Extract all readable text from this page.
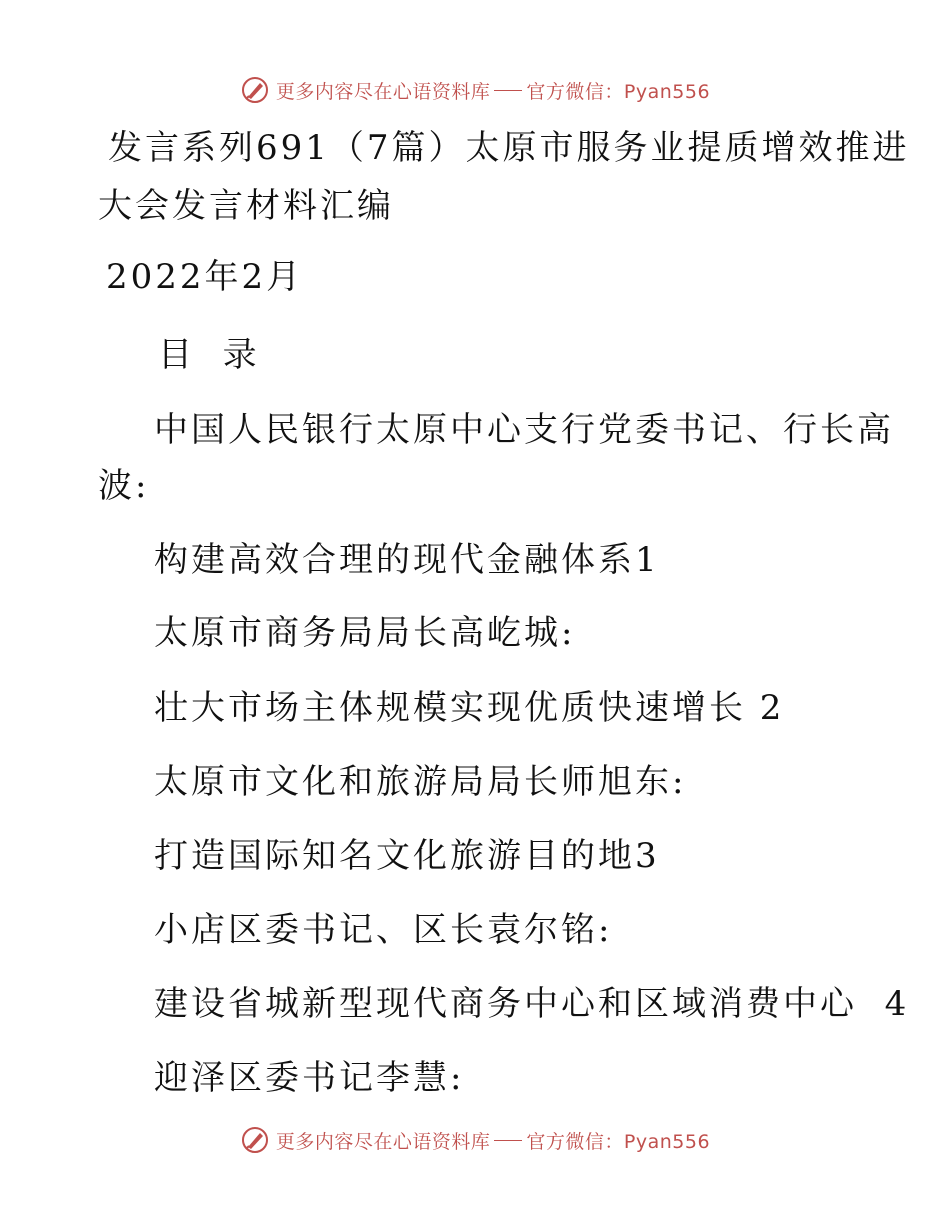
更多内容尽在心语资料库 官方微信：Pyan556
发言系列691（7篇）太原市服务业提质增效推进
大会发言材料汇编
2022年2月
目  录
中国人民银行太原中心支行党委书记、行长高
波:
构建高效合理的现代金融体系1
太原市商务局局长高屹城:
壮大市场主体规模实现优质快速增长 2
太原市文化和旅游局局长师旭东:
打造国际知名文化旅游目的地3
小店区委书记、区长袁尔铭:
建设省城新型现代商务中心和区域消费中心  4
迎泽区委书记李慧:
更多内容尽在心语资料库 官方微信：Pyan556
